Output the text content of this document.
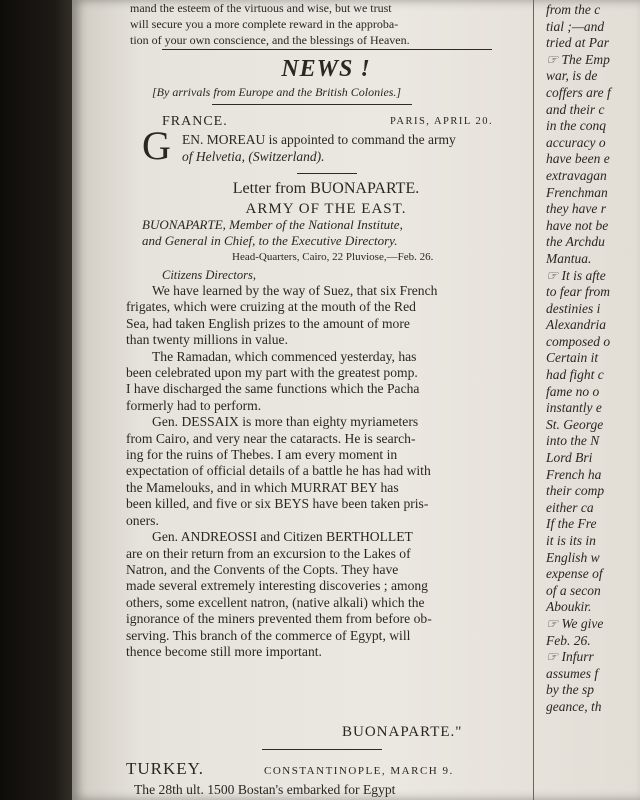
mand the esteem of the virtuous and wise, but we trust
will secure you a more complete reward in the approba-
tion of your own conscience, and the blessings of Heaven.
NEWS !
[By arrivals from Europe and the British Colonies.]
FRANCE.	PARIS, APRIL 20.
G EN. MOREAU is appointed to command the army
of Helvetia, (Switzerland).
Letter from BUONAPARTE.
ARMY OF THE EAST.
BUONAPARTE, Member of the National Institute,
and General in Chief, to the Executive Directory.
Head-Quarters, Cairo, 22 Pluviose,—Feb. 26.
Citizens Directors,
We have learned by the way of Suez, that six French
frigates, which were cruizing at the mouth of the Red
Sea, had taken English prizes to the amount of more
than twenty millions in value.
The Ramadan, which commenced yesterday, has
been celebrated upon my part with the greatest pomp.
I have discharged the same functions which the Pacha
formerly had to perform.
Gen. DESSAIX is more than eighty myriameters
from Cairo, and very near the cataracts. He is search-
ing for the ruins of Thebes. I am every moment in
expectation of official details of a battle he has had with
the Mamelouks, and in which MURRAT BEY has
been killed, and five or six BEYS have been taken pris-
oners.
Gen. ANDREOSSI and Citizen BERTHOLLET
are on their return from an excursion to the Lakes of
Natron, and the Convents of the Copts. They have
made several extremely interesting discoveries ; among
others, some excellent natron, (native alkali) which the
ignorance of the miners prevented them from before ob-
serving. This branch of the commerce of Egypt, will
thence become still more important.
BUONAPARTE."
TURKEY.	CONSTANTINOPLE, MARCH 9.
The 28th ult. 1500 Bostan's embarked for Egypt
from the c
tial ;—and
tried at Par
☞ The Emp
war, is de
coffers are f
and their c
in the conq
accuracy o
have been e
extravagan
Frenchman
they have r
have not be
the Archdu
Mantua.
☞ It is afte
to fear from
destinies i
Alexandria
composed o
Certain it
had fight c
fame no o
instantly e
St. George
into the N
Lord Bri
French ha
their comp
either ca
If the Fre
it is its in
English w
expense of
of a secon
Aboukir.
☞ We give
Feb. 26.
☞ Infurr
assumes f
by the sp
geance, th
